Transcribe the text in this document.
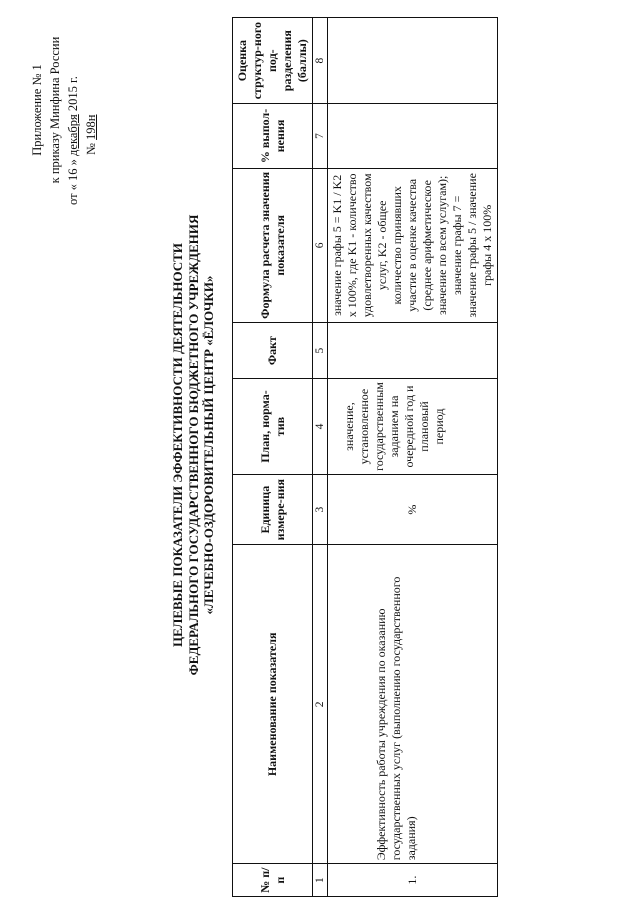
Приложение № 1 к приказу Минфина России от « 16 » декабря 2015 г.
№ 198н
ЦЕЛЕВЫЕ ПОКАЗАТЕЛИ ЭФФЕКТИВНОСТИ ДЕЯТЕЛЬНОСТИ ФЕДЕРАЛЬНОГО ГОСУДАРСТВЕННОГО БЮДЖЕТНОГО УЧРЕЖДЕНИЯ «ЛЕЧЕБНО-ОЗДОРОВИТЕЛЬНЫЙ ЦЕНТР «ЁЛОЧКИ»
№ п/п	Наименование показателя	Единица измере-ния	План, норма-тив	Факт	Формула расчета значения показателя	% выпол-нения	Оценка структур-ного под-разделения (баллы)
1	2	3	4	5	6	7	8
1.	Эффективность работы учреждения по оказанию государственных услуг (выполнению государственного задания)	%	значение, установленное государственным заданием на очередной год и плановый период		значение графы 5 = K1 / K2 x 100%, где K1 - количество удовлетворенных качеством услуг, K2 - общее количество принявших участие в оценке качества (среднее арифметическое значение по всем услугам); значение графы 7 = значение графы 5 / значение графы 4 x 100%		
